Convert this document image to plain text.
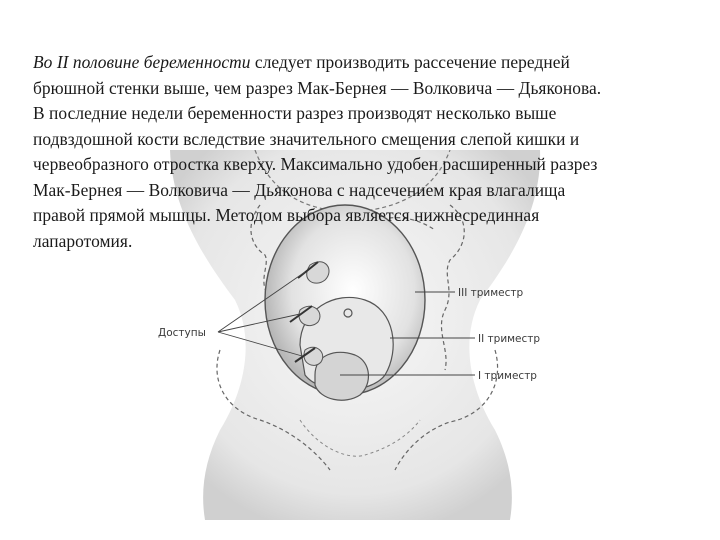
Доступы
III триместр
II триместр
I триместр
Во II половине беременности следует производить рассечение передней
брюшной стенки выше, чем разрез Мак-Бернея — Волковича — Дьяконова.
В последние недели беременности разрез производят несколько выше
подвздошной кости вследствие значительного смещения слепой кишки и
червеобразного отростка кверху. Максимально удобен расширенный разрез
Мак-Бернея — Волковича — Дьяконова с надсечением края влагалища
правой прямой мышцы. Методом выбора является нижнесрединная
лапаротомия.
